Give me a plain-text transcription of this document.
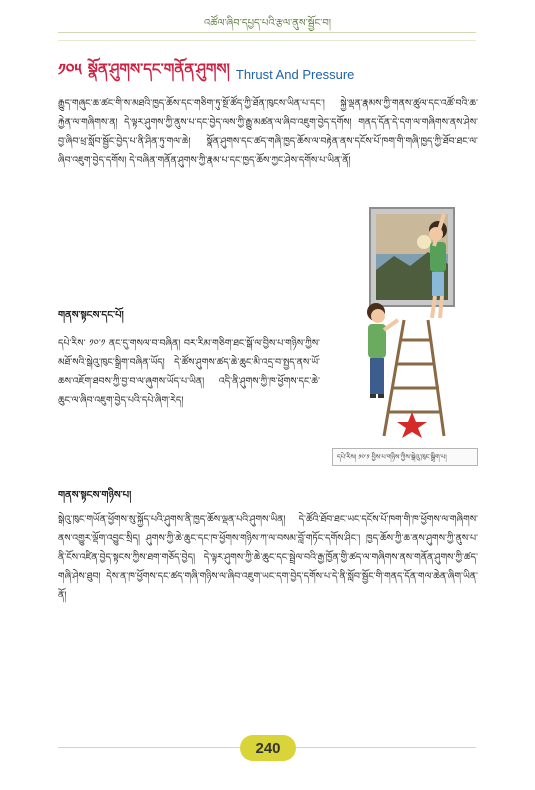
འཚོལ་ཞིབ་དཔྱད་པའི་རྩལ་ནུས་སྦྱོང་བ།
༡༠༥ སྣོན་ཤུགས་དང་གནོན་ཤུགས། Thrust And Pressure
རྒྱུད་གཞུང་ཆ་ཚང་གི་ས་མཐའི་ཁྱད་ཆོས་དང་གཅིག་ཏུ་སྔོ་ཚོད་ཀྱི་ཐོན་ཁུངས་ཡིན་པ་དང་། སྐྱེ་ལྡན་རྣམས་ཀྱི་གནས་ཚུལ་དང་འཚོ་བའི་ཆ་རྐྱེན་ལ་གཞིགས་ན། དེ་ལྟར་ཤུགས་ཀྱི་ནུས་པ་དང་བྱེད་ལས་ཀྱི་རྒྱུ་མཚན་ལ་ཞིབ་འཇུག་བྱེད་དགོས། གནད་དོན་དེ་དག་ལ་གཞིགས་ནས་ཤེས་བྱ་ཞིབ་ཕྲ་སློབ་སྦྱོང་བྱེད་པ་ནི་ཤིན་ཏུ་གལ་ཆེ། སྣོན་ཤུགས་དང་ཚད་གཞི་ཁྱད་ཆོས་ལ་བརྟེན་ནས་དངོས་པོ་ཁག་གི་གཞི་ཁྱད་ཀྱི་ཐོབ་ཐང་ལ་ཞིབ་འཇུག་བྱེད་དགོས། དེ་བཞིན་གནོན་ཤུགས་ཀྱི་རྣམ་པ་དང་ཁྱད་ཆོས་ཀྱང་ཤེས་དགོས་པ་ཡིན་ནོ།
གནས་སྟངས་དང་པོ།
དཔེ་རིས་ ༡༠་༡ ནང་དུ་གསལ་བ་བཞིན། བར་རིམ་གཅིག་ཐང་སྒོ་ལ་བྱིས་པ་གཉིས་ཀྱིས་མཐོ་སའི་སྒེའུ་ཁུང་སྒྲིག་བཞིན་ཡོད། དེ་ཚོས་ཤུགས་ཚད་ཆེ་ཆུང་མི་འདྲ་བ་སྤྱད་ནས་ཡོ་ཆས་འཇོག་ཐབས་ཀྱི་བྱ་བ་ལ་ཞུགས་ཡོད་པ་ཡིན། འདི་ནི་ཤུགས་ཀྱི་ཁ་ཕྱོགས་དང་ཆེ་ཆུང་ལ་ཞིབ་འཇུག་བྱེད་པའི་དཔེ་ཞིག་རེད།
དཔེ་རིས། ༡༠་༡ བྱིས་པ་གཉིས་ཀྱིས་སྒེའུ་ཁུང་སྒྲིག་པ།
གནས་སྟངས་གཉིས་པ།
སྒེའུ་ཁུང་གཡོན་ཕྱོགས་སུ་སྐྱོད་པའི་ཤུགས་ནི་ཁྱད་ཆོས་ལྡན་པའི་ཤུགས་ཡིན། དེ་ཚོའི་ཐོབ་ཐང་ཡང་དངོས་པོ་ཁག་གི་ཁ་ཕྱོགས་ལ་གཞིགས་ནས་འགྱུར་ལྡོག་འབྱུང་སྲིད། ཤུགས་ཀྱི་ཆེ་ཆུང་དང་ཁ་ཕྱོགས་གཉིས་ཀ་ལ་བསམ་བློ་གཏོང་དགོས་ཤིང་། ཁྱད་ཆོས་ཀྱི་ཆ་ནས་ཤུགས་ཀྱི་ནུས་པ་ནི་ངོས་འཛིན་བྱེད་སྟངས་ཀྱིས་ཐག་གཅོད་བྱེད། དེ་ལྟར་ཤུགས་ཀྱི་ཆེ་ཆུང་དང་སྦྲེལ་བའི་རྒྱ་ཁྱོན་གྱི་ཚད་ལ་གཞིགས་ནས་གནོན་ཤུགས་ཀྱི་ཚད་གཞི་ཤེས་ཐུབ། དེས་ན་ཁ་ཕྱོགས་དང་ཚད་གཞི་གཉིས་ལ་ཞིབ་འཇུག་ཡང་དག་བྱེད་དགོས་པ་དེ་ནི་སློབ་སྦྱོང་གི་གནད་དོན་གལ་ཆེན་ཞིག་ཡིན་ནོ།
240
